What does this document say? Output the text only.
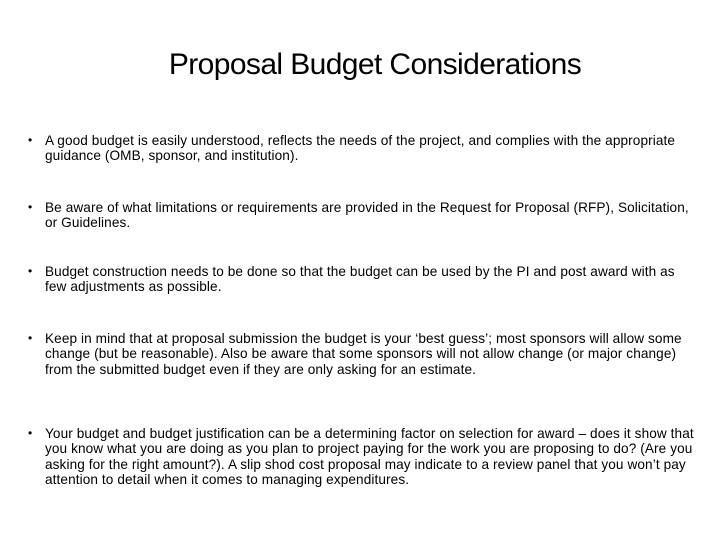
Proposal Budget Considerations
• A good budget is easily understood, reflects the needs of the project, and complies with the appropriate guidance (OMB, sponsor, and institution).
• Be aware of what limitations or requirements are provided in the Request for Proposal (RFP), Solicitation, or Guidelines.
• Budget construction needs to be done so that the budget can be used by the PI and post award with as few adjustments as possible.
• Keep in mind that at proposal submission the budget is your ‘best guess’; most sponsors will allow some change (but be reasonable). Also be aware that some sponsors will not allow change (or major change) from the submitted budget even if they are only asking for an estimate.
• Your budget and budget justification can be a determining factor on selection for award – does it show that you know what you are doing as you plan to project paying for the work you are proposing to do? (Are you asking for the right amount?). A slip shod cost proposal may indicate to a review panel that you won’t pay attention to detail when it comes to managing expenditures.
